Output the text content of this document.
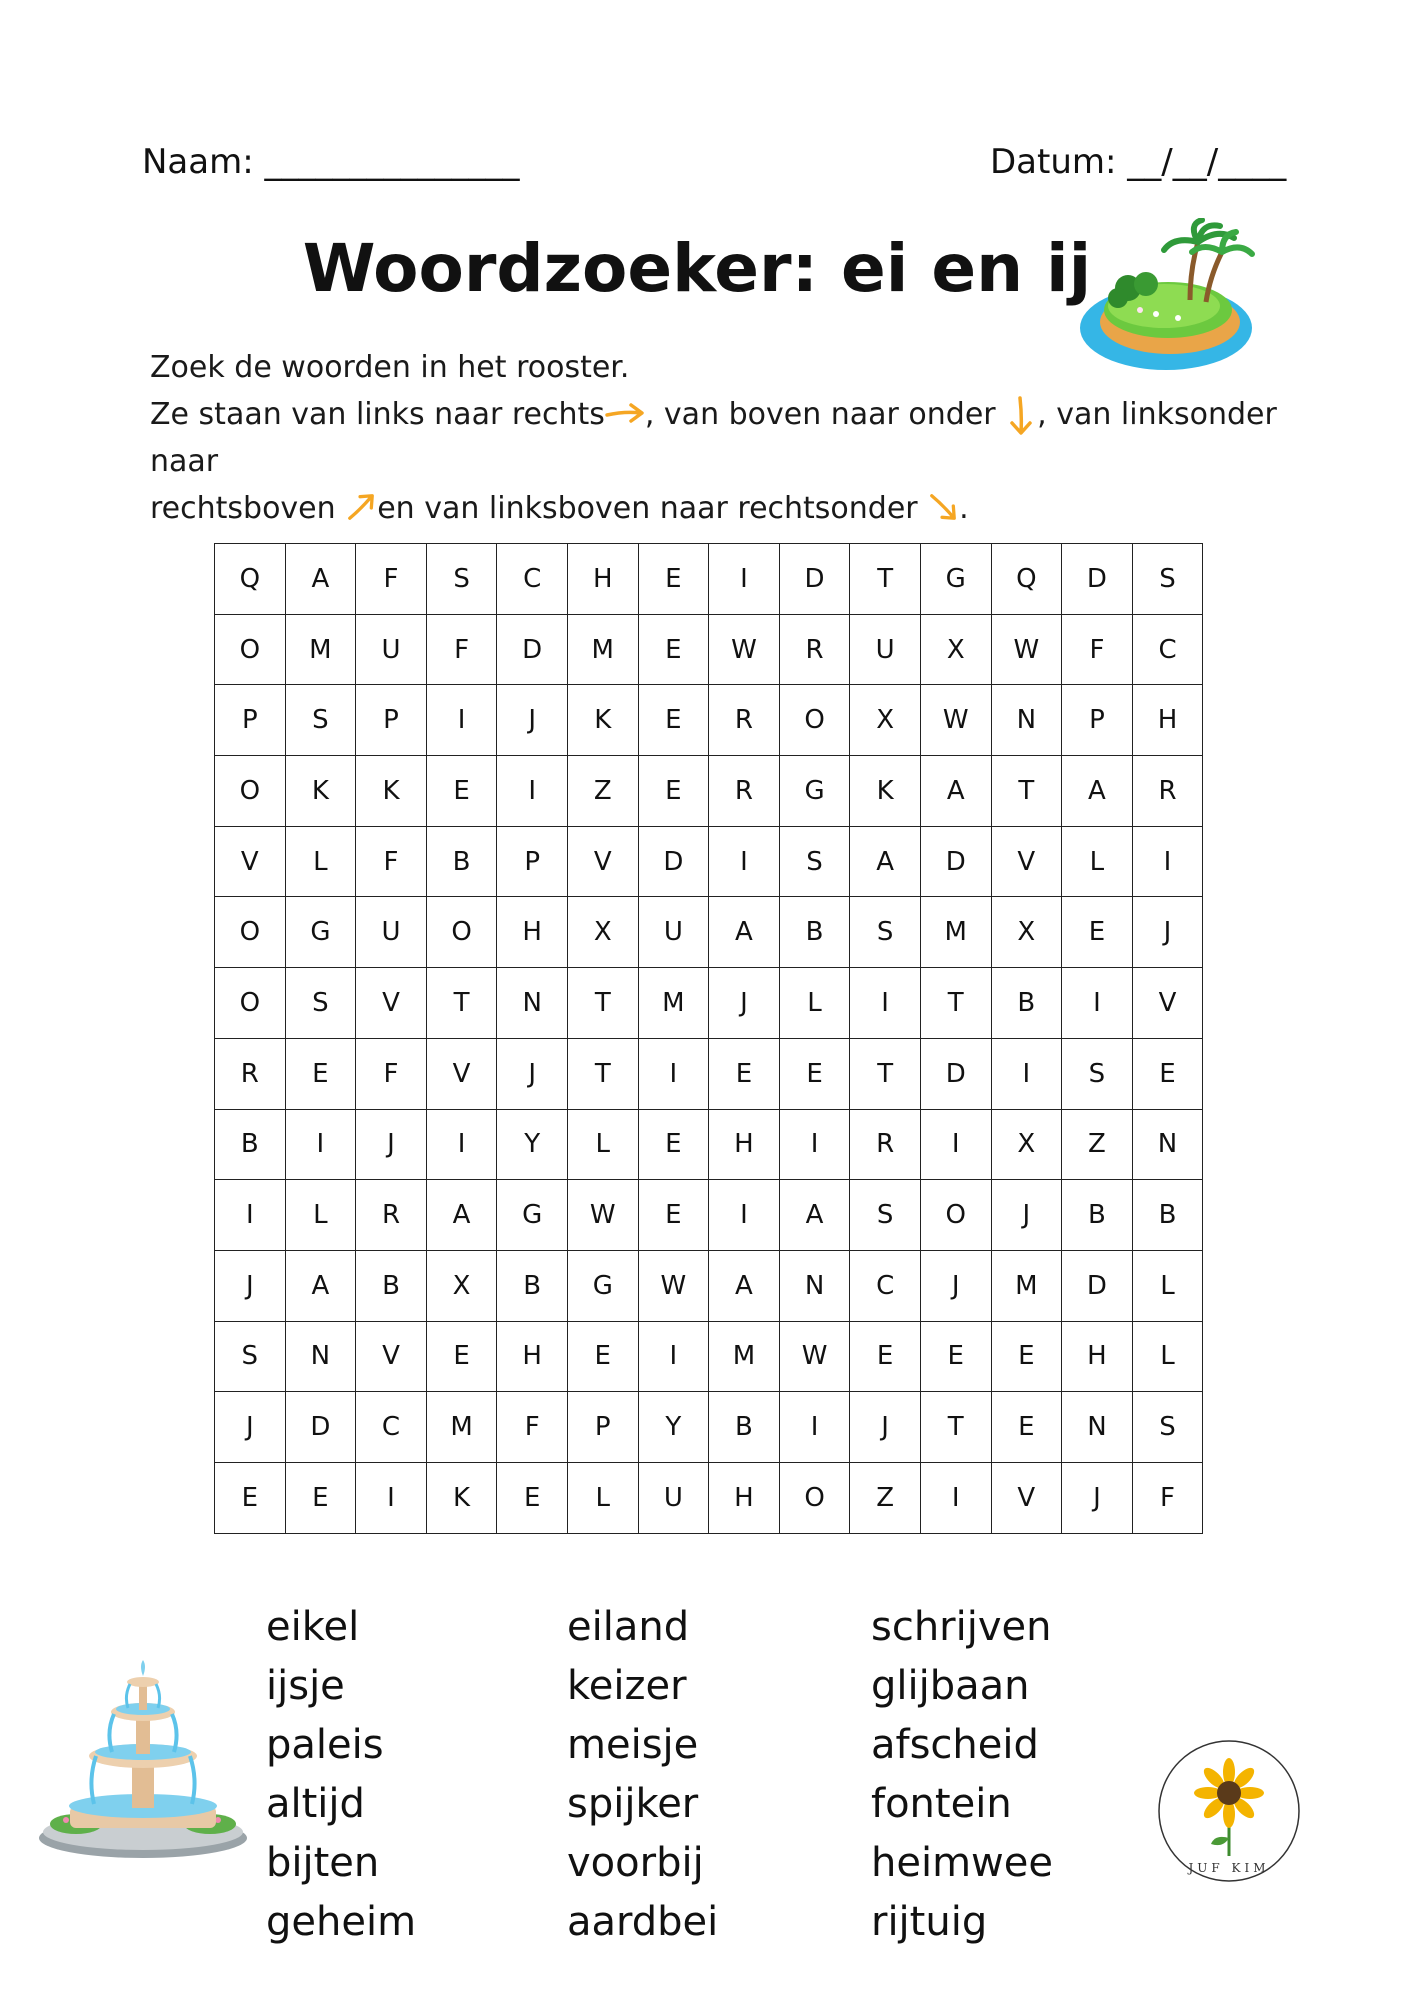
Naam: _______________	Datum: __/__/____
Woordzoeker: ei en ij
Zoek de woorden in het rooster.
Ze staan van links naar rechts , van boven naar onder , van linksonder naar
rechtsboven en van linksboven naar rechtsonder .
Q	A	F	S	C	H	E	I	D	T	G	Q	D	S
O	M	U	F	D	M	E	W	R	U	X	W	F	C
P	S	P	I	J	K	E	R	O	X	W	N	P	H
O	K	K	E	I	Z	E	R	G	K	A	T	A	R
V	L	F	B	P	V	D	I	S	A	D	V	L	I
O	G	U	O	H	X	U	A	B	S	M	X	E	J
O	S	V	T	N	T	M	J	L	I	T	B	I	V
R	E	F	V	J	T	I	E	E	T	D	I	S	E
B	I	J	I	Y	L	E	H	I	R	I	X	Z	N
I	L	R	A	G	W	E	I	A	S	O	J	B	B
J	A	B	X	B	G	W	A	N	C	J	M	D	L
S	N	V	E	H	E	I	M	W	E	E	E	H	L
J	D	C	M	F	P	Y	B	I	J	T	E	N	S
E	E	I	K	E	L	U	H	O	Z	I	V	J	F
eikel
ijsje
paleis
altijd
bijten
geheim
eiland
keizer
meisje
spijker
voorbij
aardbei
schrijven
glijbaan
afscheid
fontein
heimwee
rijtuig
JUF KIM
